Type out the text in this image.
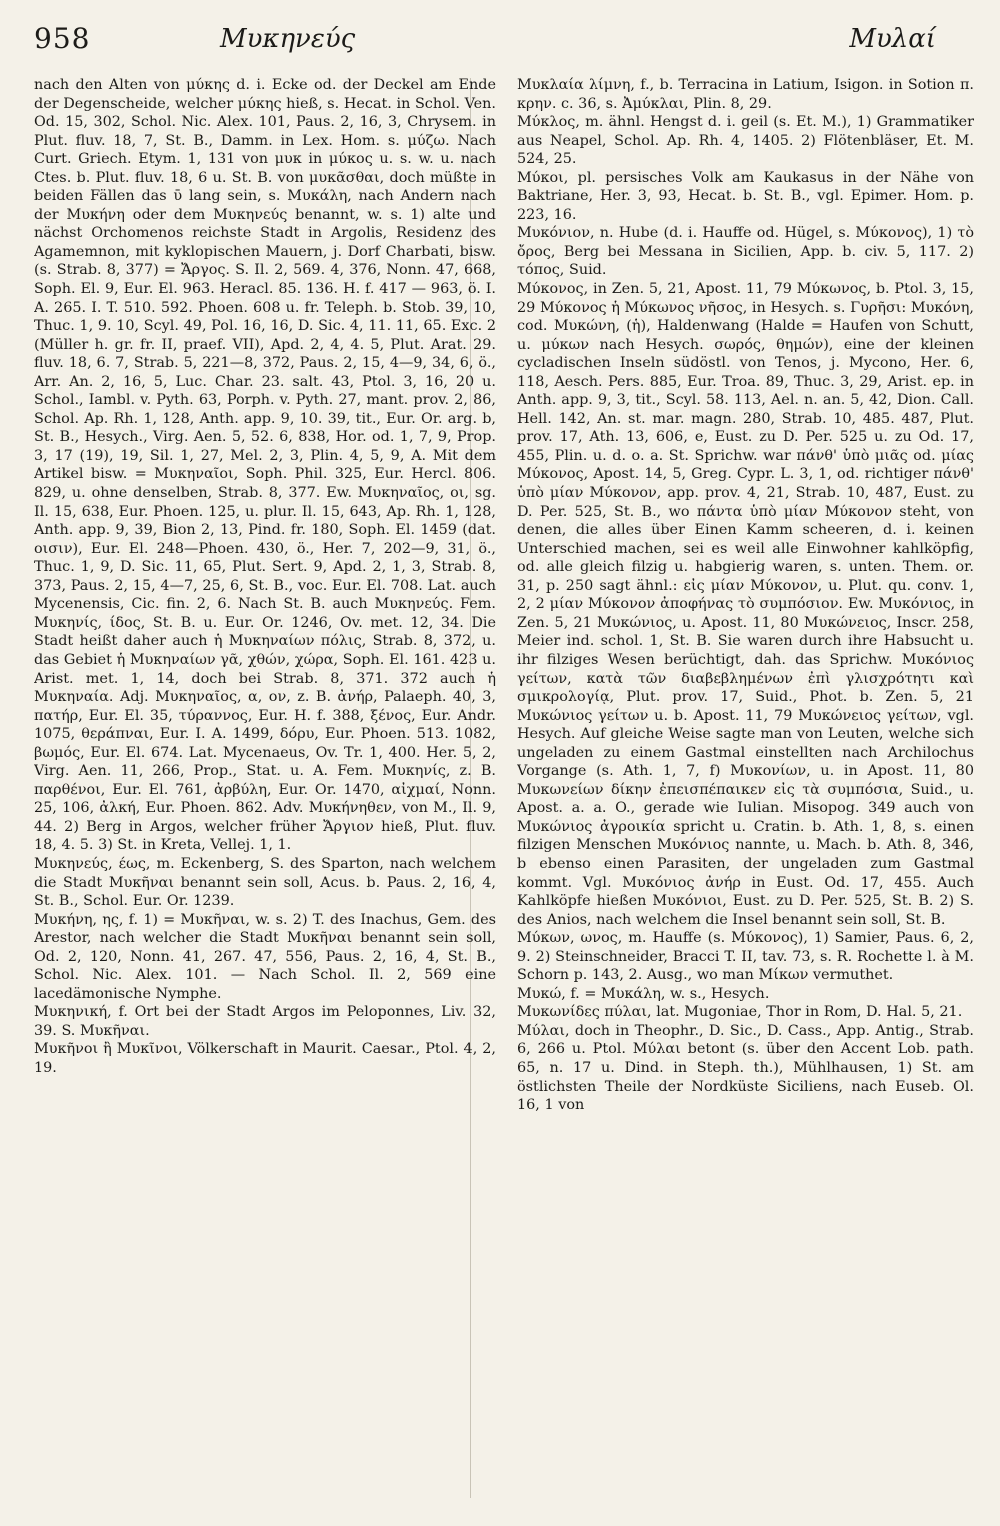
958	Μυκηνεύς	Μυλαί

nach den Alten von μύκης d. i. Ecke od. der Deckel am Ende der Degenscheide, welcher μύκης hieß, s. Hecat. in Schol. Ven. Od. 15, 302, Schol. Nic. Alex. 101, Paus. 2, 16, 3, Chrysem. in Plut. fluv. 18, 7, St. B., Damm. in Lex. Hom. s. μύζω. Nach Curt. Griech. Etym. 1, 131 von μυκ in μύκος u. s. w. u. nach Ctes. b. Plut. fluv. 18, 6 u. St. B. von μυκᾶσθαι, doch müßte in beiden Fällen das ῡ lang sein, s. Μυκάλη, nach Andern nach der Μυκήνη oder dem Μυκηνεύς benannt, w. s. 1) alte und nächst Orchomenos reichste Stadt in Argolis, Residenz des Agamemnon, mit kyklopischen Mauern, j. Dorf Charbati, bisw. (s. Strab. 8, 377) = Ἄργος. S. Il. 2, 569. 4, 376, Nonn. 47, 668, Soph. El. 9, Eur. El. 963. Heracl. 85. 136. H. f. 417 — 963, ö. I. A. 265. I. T. 510. 592. Phoen. 608 u. fr. Teleph. b. Stob. 39, 10, Thuc. 1, 9. 10, Scyl. 49, Pol. 16, 16, D. Sic. 4, 11. 11, 65. Exc. 2 (Müller h. gr. fr. II, praef. VII), Apd. 2, 4, 4. 5, Plut. Arat. 29. fluv. 18, 6. 7, Strab. 5, 221—8, 372, Paus. 2, 15, 4—9, 34, 6, ö., Arr. An. 2, 16, 5, Luc. Char. 23. salt. 43, Ptol. 3, 16, 20 u. Schol., Iambl. v. Pyth. 63, Porph. v. Pyth. 27, mant. prov. 2, 86, Schol. Ap. Rh. 1, 128, Anth. app. 9, 10. 39, tit., Eur. Or. arg. b, St. B., Hesych., Virg. Aen. 5, 52. 6, 838, Hor. od. 1, 7, 9, Prop. 3, 17 (19), 19, Sil. 1, 27, Mel. 2, 3, Plin. 4, 5, 9, A. Mit dem Artikel bisw. = Μυκηναῖοι, Soph. Phil. 325, Eur. Hercl. 806. 829, u. ohne denselben, Strab. 8, 377. Ew. Μυκηναῖος, οι, sg. Il. 15, 638, Eur. Phoen. 125, u. plur. Il. 15, 643, Ap. Rh. 1, 128, Anth. app. 9, 39, Bion 2, 13, Pind. fr. 180, Soph. El. 1459 (dat. οισιν), Eur. El. 248—Phoen. 430, ö., Her. 7, 202—9, 31, ö., Thuc. 1, 9, D. Sic. 11, 65, Plut. Sert. 9, Apd. 2, 1, 3, Strab. 8, 373, Paus. 2, 15, 4—7, 25, 6, St. B., voc. Eur. El. 708. Lat. auch Mycenensis, Cic. fin. 2, 6. Nach St. B. auch Μυκηνεύς. Fem. Μυκηνίς, ίδος, St. B. u. Eur. Or. 1246, Ov. met. 12, 34. Die Stadt heißt daher auch ἡ Μυκηναίων πόλις, Strab. 8, 372, u. das Gebiet ἡ Μυκηναίων γᾶ, χθών, χώρα, Soph. El. 161. 423 u. Arist. met. 1, 14, doch bei Strab. 8, 371. 372 auch ἡ Μυκηναία. Adj. Μυκηναῖος, α, ον, z. B. ἀνήρ, Palaeph. 40, 3, πατήρ, Eur. El. 35, τύραννος, Eur. H. f. 388, ξένος, Eur. Andr. 1075, θεράπναι, Eur. I. A. 1499, δόρυ, Eur. Phoen. 513. 1082, βωμός, Eur. El. 674. Lat. Mycenaeus, Ov. Tr. 1, 400. Her. 5, 2, Virg. Aen. 11, 266, Prop., Stat. u. A. Fem. Μυκηνίς, z. B. παρθένοι, Eur. El. 761, ἀρβύλη, Eur. Or. 1470, αἰχμαί, Nonn. 25, 106, ἀλκή, Eur. Phoen. 862. Adv. Μυκήνηθεν, von M., Il. 9, 44. 2) Berg in Argos, welcher früher Ἄργιον hieß, Plut. fluv. 18, 4. 5. 3) St. in Kreta, Vellej. 1, 1.

Μυκηνεύς, έως, m. Eckenberg, S. des Sparton, nach welchem die Stadt Μυκῆναι benannt sein soll, Acus. b. Paus. 2, 16, 4, St. B., Schol. Eur. Or. 1239.

Μυκήνη, ης, f. 1) = Μυκῆναι, w. s. 2) T. des Inachus, Gem. des Arestor, nach welcher die Stadt Μυκῆναι benannt sein soll, Od. 2, 120, Nonn. 41, 267. 47, 556, Paus. 2, 16, 4, St. B., Schol. Nic. Alex. 101. — Nach Schol. Il. 2, 569 eine lacedämonische Nymphe.

Μυκηνική, f. Ort bei der Stadt Argos im Peloponnes, Liv. 32, 39. S. Μυκῆναι.

Μυκῆνοι ἢ Μυκῖνοι, Völkerschaft in Maurit. Caesar., Ptol. 4, 2, 19.

Μυκλαία λίμνη, f., b. Terracina in Latium, Isigon. in Sotion π. κρην. c. 36, s. Ἀμύκλαι, Plin. 8, 29.

Μύκλος, m. ähnl. Hengst d. i. geil (s. Et. M.), 1) Grammatiker aus Neapel, Schol. Ap. Rh. 4, 1405. 2) Flötenbläser, Et. M. 524, 25.

Μύκοι, pl. persisches Volk am Kaukasus in der Nähe von Baktriane, Her. 3, 93, Hecat. b. St. B., vgl. Epimer. Hom. p. 223, 16.

Μυκόνιον, n. Hube (d. i. Hauffe od. Hügel, s. Μύκονος), 1) τὸ ὄρος, Berg bei Messana in Sicilien, App. b. civ. 5, 117. 2) τόπος, Suid.

Μύκονος, in Zen. 5, 21, Apost. 11, 79 Μύκωνος, b. Ptol. 3, 15, 29 Μύκονος ἡ Μύκωνος νῆσος, in Hesych. s. Γυρῆσι: Μυκόνη, cod. Μυκώνη, (ἡ), Haldenwang (Halde = Haufen von Schutt, u. μύκων nach Hesych. σωρός, θημών), eine der kleinen cycladischen Inseln südöstl. von Tenos, j. Mycono, Her. 6, 118, Aesch. Pers. 885, Eur. Troa. 89, Thuc. 3, 29, Arist. ep. in Anth. app. 9, 3, tit., Scyl. 58. 113, Ael. n. an. 5, 42, Dion. Call. Hell. 142, An. st. mar. magn. 280, Strab. 10, 485. 487, Plut. prov. 17, Ath. 13, 606, e, Eust. zu D. Per. 525 u. zu Od. 17, 455, Plin. u. d. o. a. St. Sprichw. war πάνθ' ὑπὸ μιᾶς od. μίας Μύκονος, Apost. 14, 5, Greg. Cypr. L. 3, 1, od. richtiger πάνθ' ὑπὸ μίαν Μύκονον, app. prov. 4, 21, Strab. 10, 487, Eust. zu D. Per. 525, St. B., wo πάντα ὑπὸ μίαν Μύκονον steht, von denen, die alles über Einen Kamm scheeren, d. i. keinen Unterschied machen, sei es weil alle Einwohner kahlköpfig, od. alle gleich filzig u. habgierig waren, s. unten. Them. or. 31, p. 250 sagt ähnl.: εἰς μίαν Μύκονον, u. Plut. qu. conv. 1, 2, 2 μίαν Μύκονον ἀποφήνας τὸ συμπόσιον. Ew. Μυκόνιος, in Zen. 5, 21 Μυκώνιος, u. Apost. 11, 80 Μυκώνειος, Inscr. 258, Meier ind. schol. 1, St. B. Sie waren durch ihre Habsucht u. ihr filziges Wesen berüchtigt, dah. das Sprichw. Μυκόνιος γείτων, κατὰ τῶν διαβεβλημένων ἐπὶ γλισχρότητι καὶ σμικρολογίᾳ, Plut. prov. 17, Suid., Phot. b. Zen. 5, 21 Μυκώνιος γείτων u. b. Apost. 11, 79 Μυκώνειος γείτων, vgl. Hesych. Auf gleiche Weise sagte man von Leuten, welche sich ungeladen zu einem Gastmal einstellten nach Archilochus Vorgange (s. Ath. 1, 7, f) Μυκονίων, u. in Apost. 11, 80 Μυκωνείων δίκην ἐπεισπέπαικεν εἰς τὰ συμπόσια, Suid., u. Apost. a. a. O., gerade wie Iulian. Misopog. 349 auch von Μυκώνιος ἀγροικία spricht u. Cratin. b. Ath. 1, 8, s. einen filzigen Menschen Μυκόνιος nannte, u. Mach. b. Ath. 8, 346, b ebenso einen Parasiten, der ungeladen zum Gastmal kommt. Vgl. Μυκόνιος ἀνήρ in Eust. Od. 17, 455. Auch Kahlköpfe hießen Μυκόνιοι, Eust. zu D. Per. 525, St. B. 2) S. des Anios, nach welchem die Insel benannt sein soll, St. B.

Μύκων, ωνος, m. Hauffe (s. Μύκονος), 1) Samier, Paus. 6, 2, 9. 2) Steinschneider, Bracci T. II, tav. 73, s. R. Rochette l. à M. Schorn p. 143, 2. Ausg., wo man Μίκων vermuthet.

Μυκώ, f. = Μυκάλη, w. s., Hesych.

Μυκωνίδες πύλαι, lat. Mugoniae, Thor in Rom, D. Hal. 5, 21.

Μύλαι, doch in Theophr., D. Sic., D. Cass., App. Antig., Strab. 6, 266 u. Ptol. Μύλαι betont (s. über den Accent Lob. path. 65, n. 17 u. Dind. in Steph. th.), Mühlhausen, 1) St. am östlichsten Theile der Nordküste Siciliens, nach Euseb. Ol. 16, 1 von
